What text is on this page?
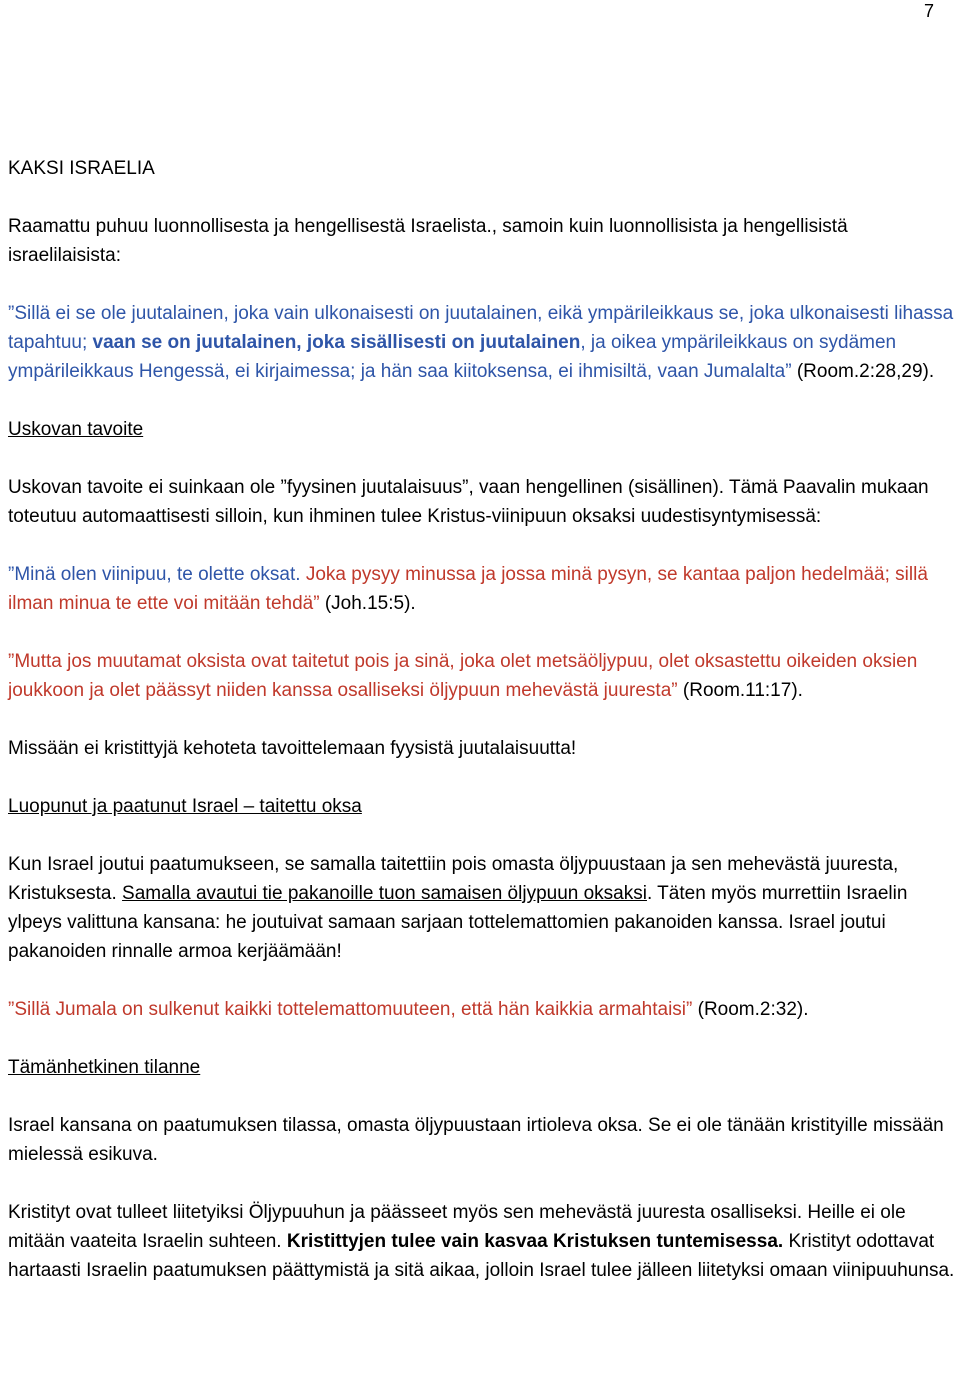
7

KAKSI ISRAELIA

Raamattu puhuu luonnollisesta ja hengellisestä Israelista., samoin kuin luonnollisista ja hengellisistä israelilaisista:

”Sillä ei se ole juutalainen, joka vain ulkonaisesti on juutalainen, eikä ympärileikkaus se, joka ulkonaisesti lihassa tapahtuu; vaan se on juutalainen, joka sisällisesti on juutalainen, ja oikea ympärileikkaus on sydämen ympärileikkaus Hengessä, ei kirjaimessa; ja hän saa kiitoksensa, ei ihmisiltä, vaan Jumalalta” (Room.2:28,29).

Uskovan tavoite

Uskovan tavoite ei suinkaan ole ”fyysinen juutalaisuus”, vaan hengellinen (sisällinen). Tämä Paavalin mukaan toteutuu automaattisesti silloin, kun ihminen tulee Kristus-viinipuun oksaksi uudestisyntymisessä:

”Minä olen viinipuu, te olette oksat. Joka pysyy minussa ja jossa minä pysyn, se kantaa paljon hedelmää; sillä ilman minua te ette voi mitään tehdä” (Joh.15:5).

”Mutta jos muutamat oksista ovat taitetut pois ja sinä, joka olet metsäöljypuu, olet oksastettu oikeiden oksien joukkoon ja olet päässyt niiden kanssa osalliseksi öljypuun mehevästä juuresta” (Room.11:17).

Missään ei kristittyjä kehoteta tavoittelemaan fyysistä juutalaisuutta!

Luopunut ja paatunut Israel – taitettu oksa

Kun Israel joutui paatumukseen, se samalla taitettiin pois omasta öljypuustaan ja sen mehevästä juuresta, Kristuksesta. Samalla avautui tie pakanoille tuon samaisen öljypuun oksaksi. Täten myös murrettiin Israelin ylpeys valittuna kansana: he joutuivat samaan sarjaan tottelemattomien pakanoiden kanssa. Israel joutui pakanoiden rinnalle armoa kerjäämään!

”Sillä Jumala on sulkenut kaikki tottelemattomuuteen, että hän kaikkia armahtaisi” (Room.2:32).

Tämänhetkinen tilanne

Israel kansana on paatumuksen tilassa, omasta öljypuustaan irtioleva oksa. Se ei ole tänään kristityille missään mielessä esikuva.

Kristityt ovat tulleet liitetyiksi Öljypuuhun ja päässeet myös sen mehevästä juuresta osalliseksi. Heille ei ole mitään vaateita Israelin suhteen. Kristittyjen tulee vain kasvaa Kristuksen tuntemisessa. Kristityt odottavat hartaasti Israelin paatumuksen päättymistä ja sitä aikaa, jolloin Israel tulee jälleen liitetyksi omaan viinipuuhunsa.
